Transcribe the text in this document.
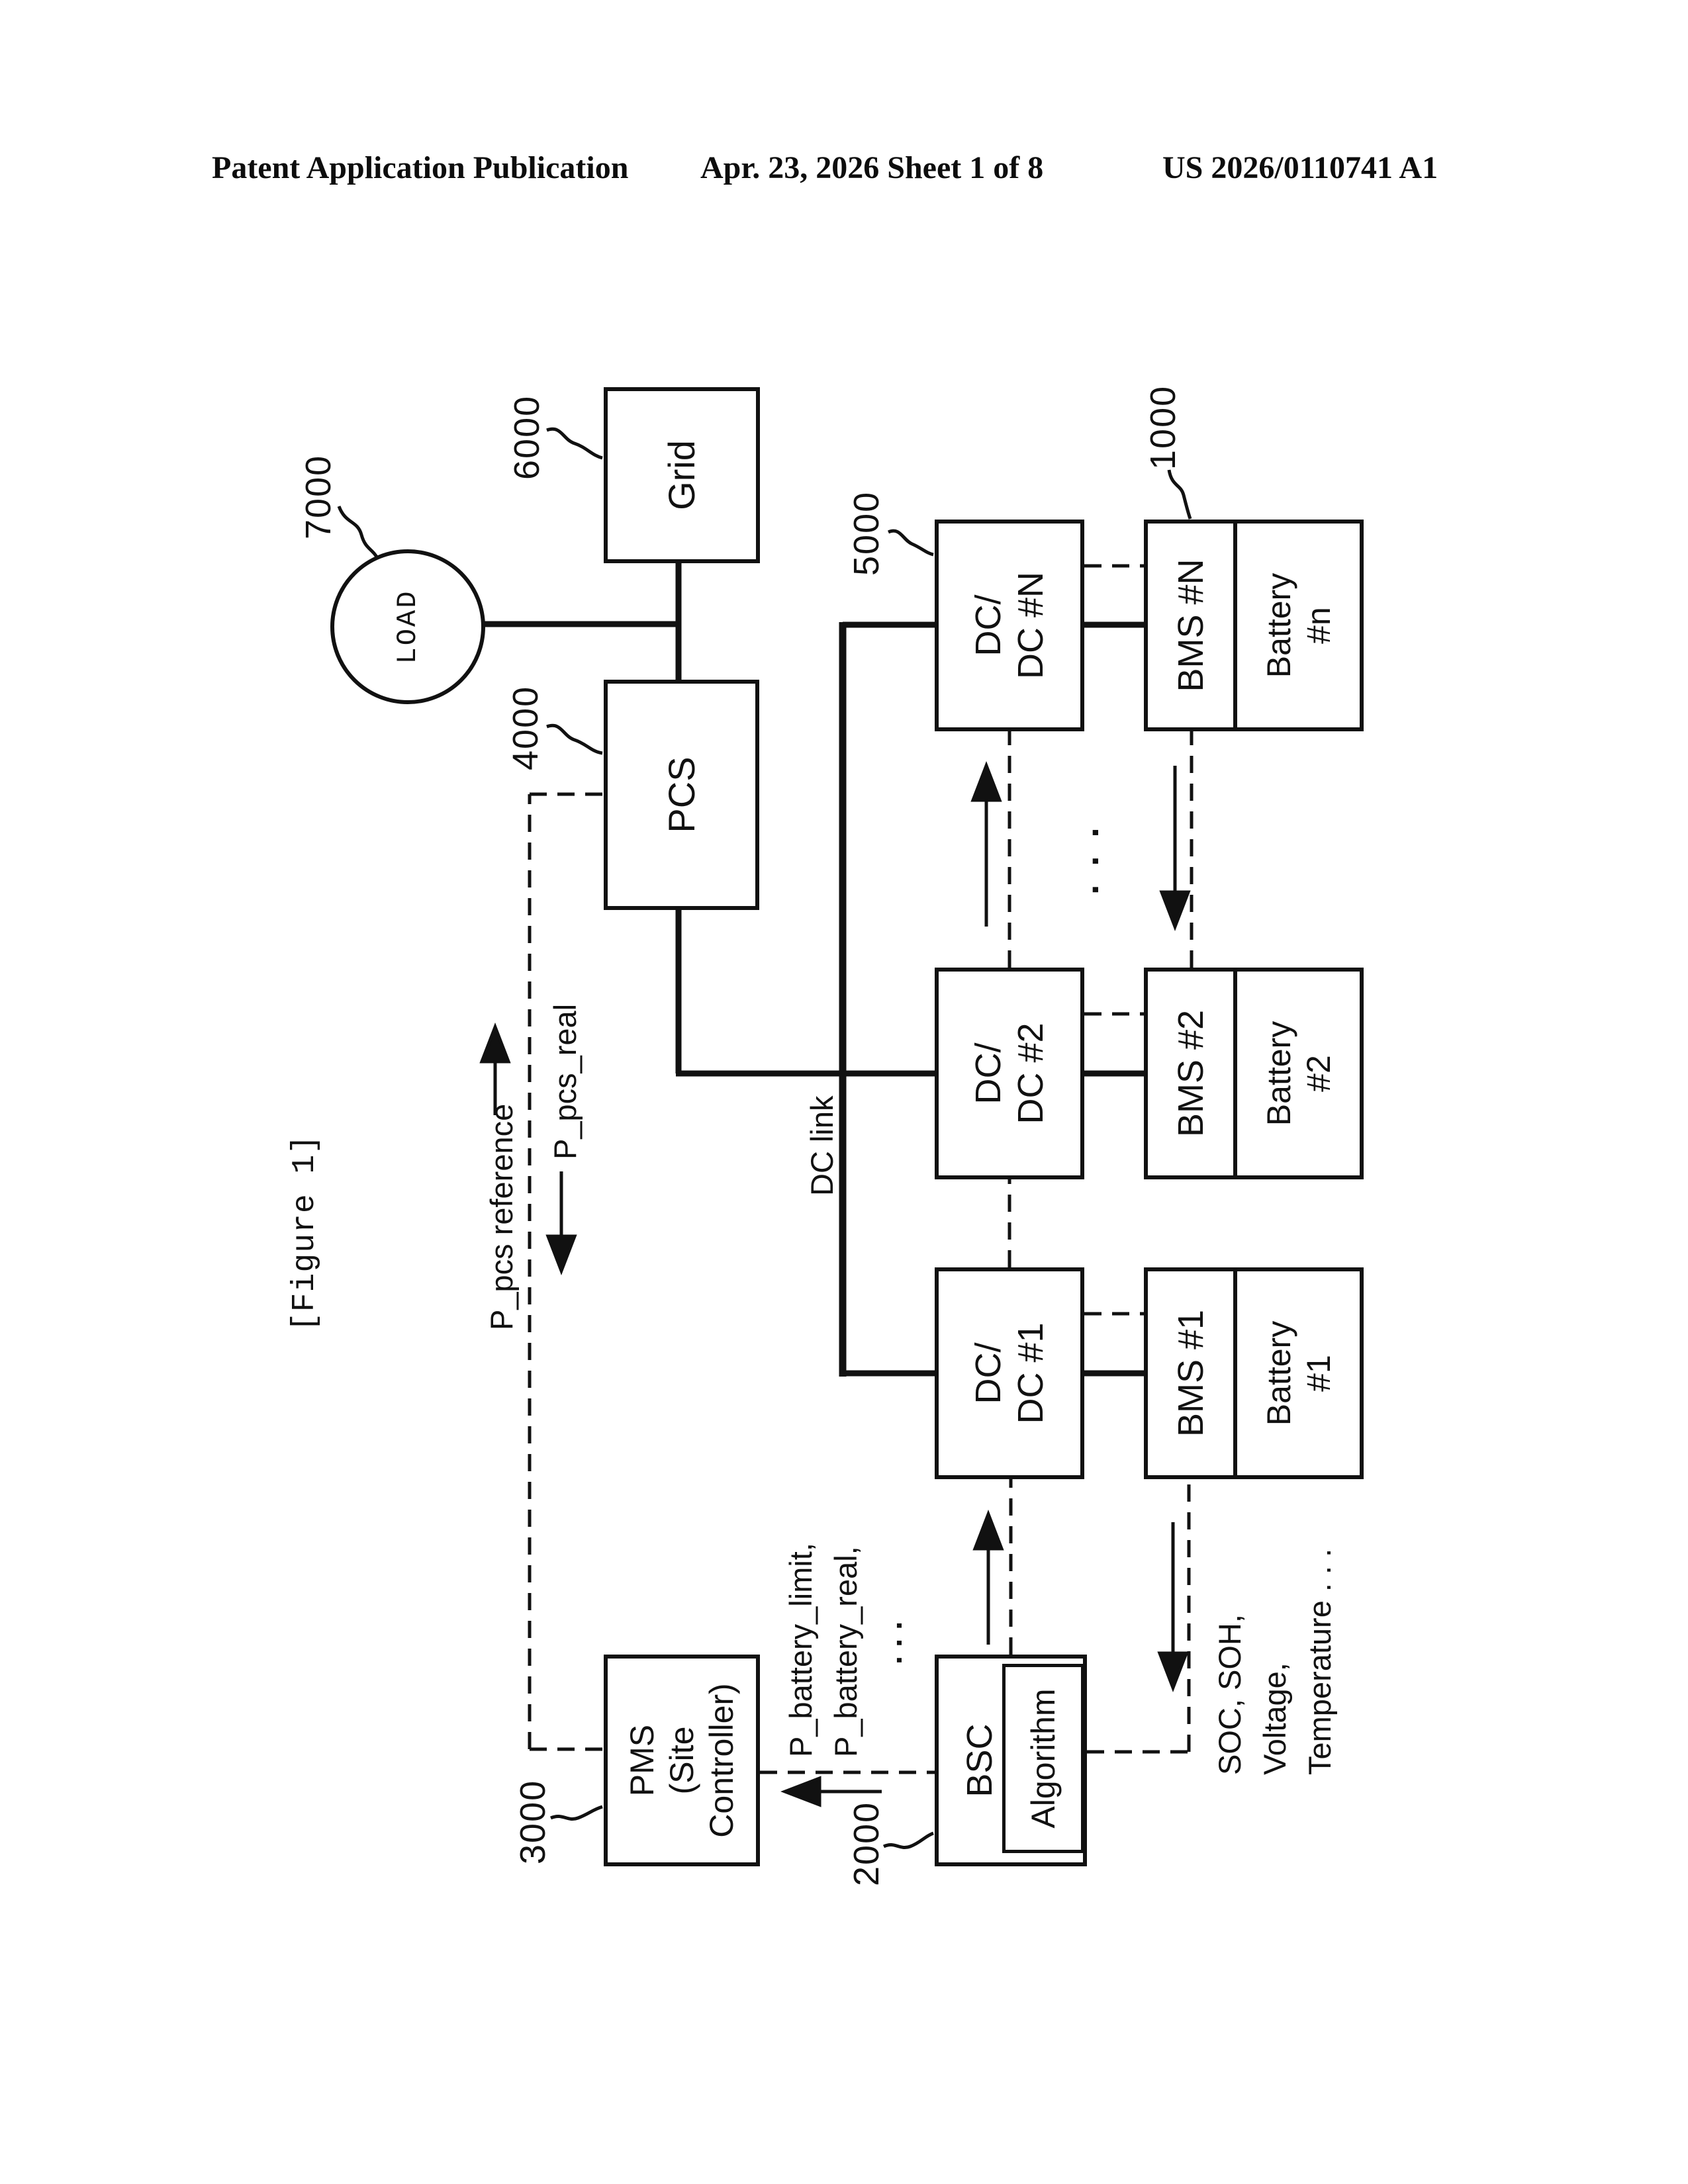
Patent Application Publication Apr. 23, 2026 Sheet 1 of 8	US 2026/0110741 A1
[Figure 1]
LOAD
Grid
PCS
PMS (Site Controller)	BSC Algorithm
DC/ DC #1
DC/ DC #2
DC/ DC #N
BMS #1 Battery #1
BMS #2 Battery #2
BMS #N Battery #n
7000
6000
4000
5000
1000
3000	2000
P_pcs reference
P_pcs_real	DC link
P_battery_limit, P_battery_real, . . .	SOC, SOH, Voltage, Temperature . . .
. . .
